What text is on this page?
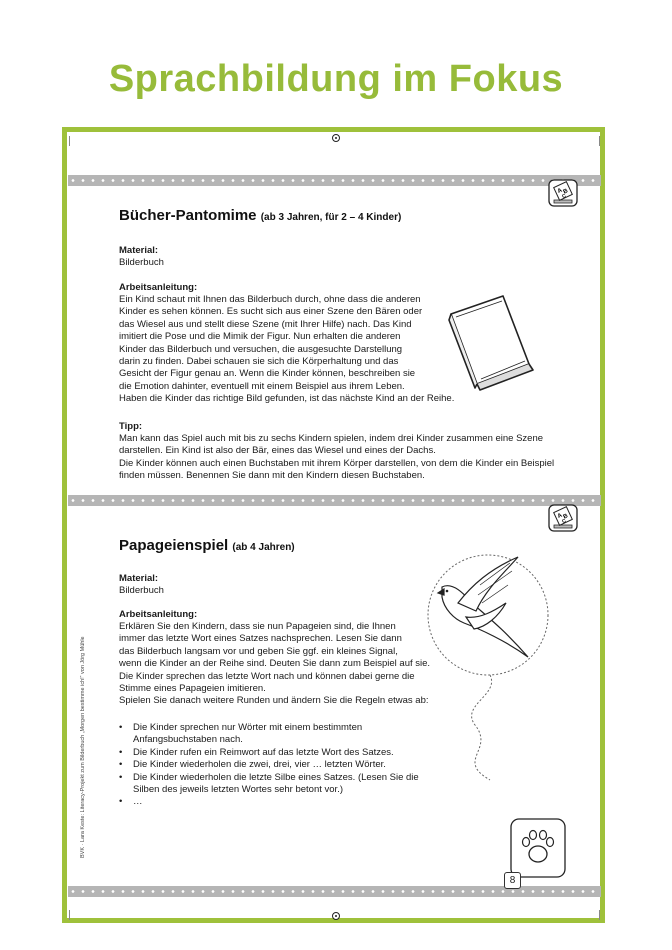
Sprachbildung im Fokus
A B
C
A B
C
Bücher-Pantomime (ab 3 Jahren, für 2 – 4 Kinder)
Material:
Bilderbuch
Arbeitsanleitung:
Ein Kind schaut mit Ihnen das Bilderbuch durch, ohne dass die anderen
Kinder es sehen können. Es sucht sich aus einer Szene den Bären oder
das Wiesel aus und stellt diese Szene (mit Ihrer Hilfe) nach. Das Kind
imitiert die Pose und die Mimik der Figur. Nun erhalten die anderen
Kinder das Bilderbuch und versuchen, die ausgesuchte Darstellung
darin zu finden. Dabei schauen sie sich die Körperhaltung und das
Gesicht der Figur genau an. Wenn die Kinder können, beschreiben sie
die Emotion dahinter, eventuell mit einem Beispiel aus ihrem Leben.
Haben die Kinder das richtige Bild gefunden, ist das nächste Kind an der Reihe.
Tipp:
Man kann das Spiel auch mit bis zu sechs Kindern spielen, indem drei Kinder zusammen eine Szene
darstellen. Ein Kind ist also der Bär, eines das Wiesel und eines der Dachs.
Die Kinder können auch einen Buchstaben mit ihrem Körper darstellen, von dem die Kinder ein Beispiel
finden müssen. Benennen Sie dann mit den Kindern diesen Buchstaben.
Papageienspiel (ab 4 Jahren)
Material:
Bilderbuch
Arbeitsanleitung:
Erklären Sie den Kindern, dass sie nun Papageien sind, die Ihnen
immer das letzte Wort eines Satzes nachsprechen. Lesen Sie dann
das Bilderbuch langsam vor und geben Sie ggf. ein kleines Signal,
wenn die Kinder an der Reihe sind. Deuten Sie dann zum Beispiel auf sie.
Die Kinder sprechen das letzte Wort nach und können dabei gerne die
Stimme eines Papageien imitieren.
Spielen Sie danach weitere Runden und ändern Sie die Regeln etwas ab:
• Die Kinder sprechen nur Wörter mit einem bestimmten Anfangsbuchstaben nach.
• Die Kinder rufen ein Reimwort auf das letzte Wort des Satzes.
• Die Kinder wiederholen die zwei, drei, vier … letzten Wörter.
• Die Kinder wiederholen die letzte Silbe eines Satzes. (Lesen Sie die Silben des jeweils letzten Wortes sehr betont vor.)
• …
8
BVK · Lara Keste: Literacy-Projekt zum Bilderbuch „Morgen bestimme ich!“ von Jörg Mühle
